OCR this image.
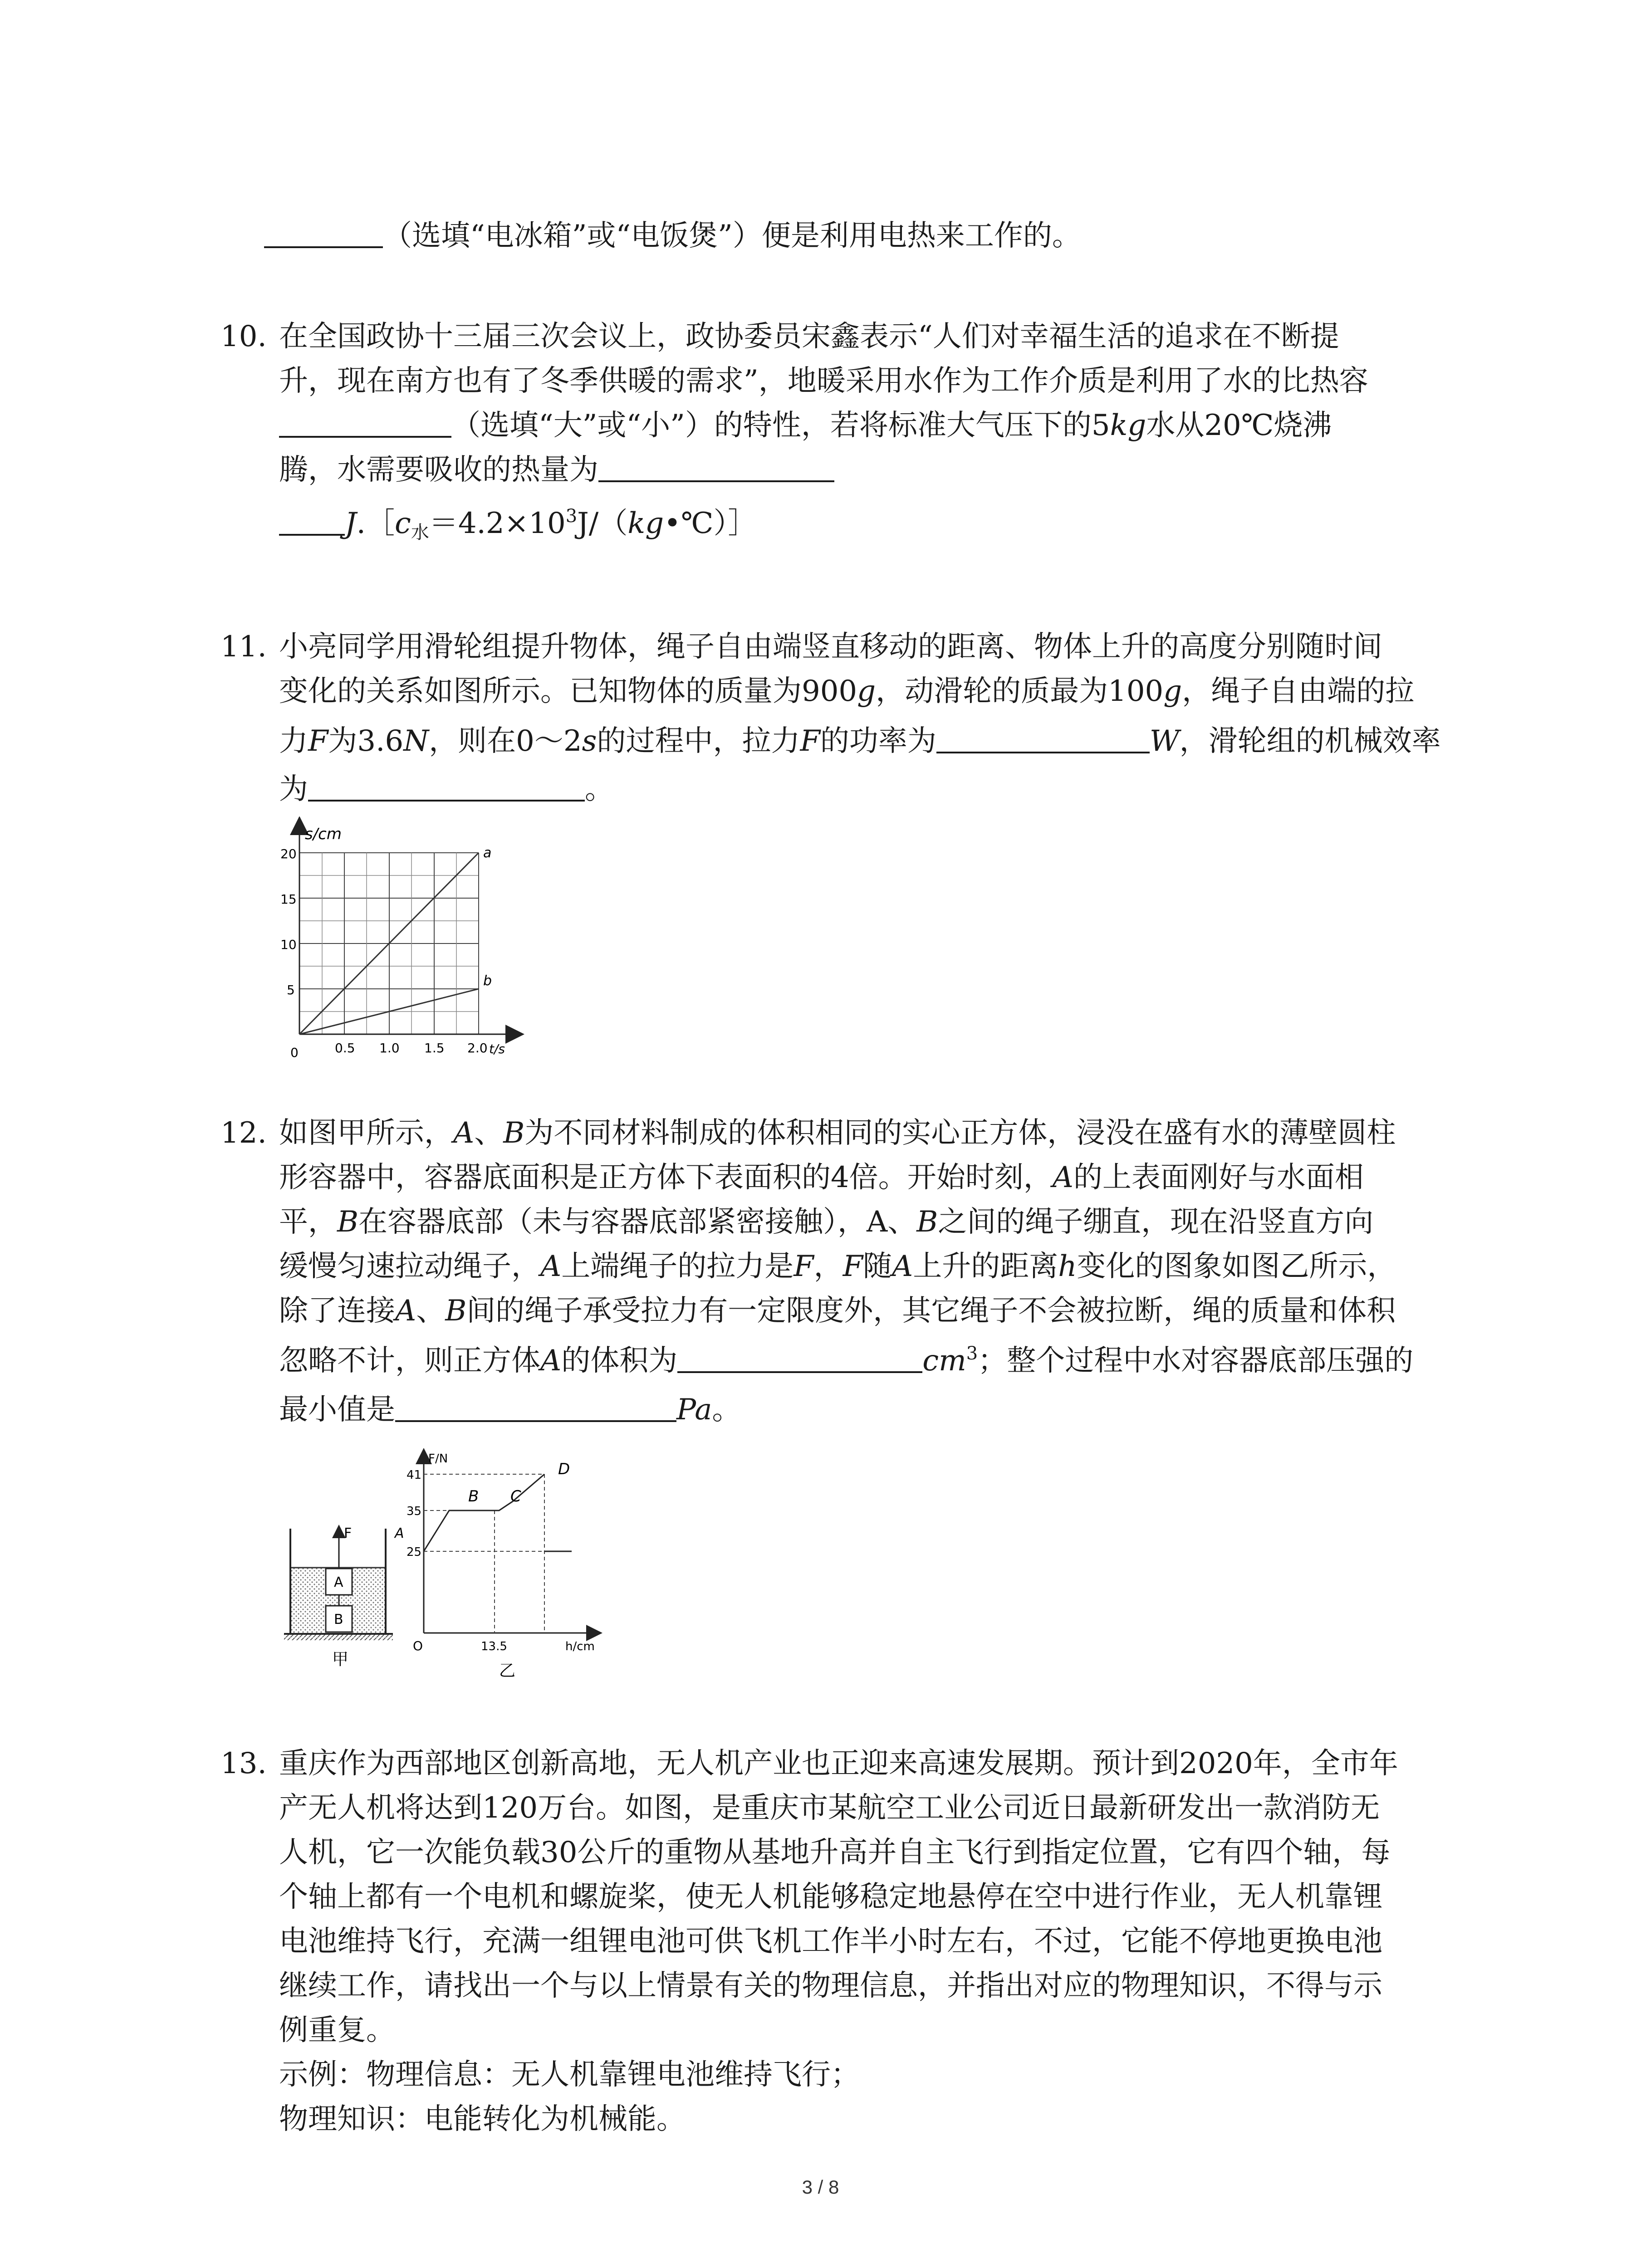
（选填“电冰箱”或“电饭煲”）便是利用电热来工作的。
10. 在全国政协十三届三次会议上，政协委员宋鑫表示“人们对幸福生活的追求在不断提
升，现在南方也有了冬季供暖的需求”，地暖采用水作为工作介质是利用了水的比热容
（选填“大”或“小”）的特性，若将标准大气压下的5kg水从20℃烧沸
腾，水需要吸收的热量为
$J.[c_水=4.2\times 10^3J/(kg•℃)]$
11. 小亮同学用滑轮组提升物体，绳子自由端竖直移动的距离、物体上升的高度分别随时间
变化的关系如图所示。已知物体的质量为900g，动滑轮的质最为100g，绳子自由端的拉
力F为3.6N，则在0～2s的过程中，拉力F的功率为	W，滑轮组的机械效率
为	。
s/cm
20
15
10
5
0	0.5 1.0 1.5 2.0 t/s
a
b
12. 如图甲所示，A、B为不同材料制成的体积相同的实心正方体，浸没在盛有水的薄壁圆柱
形容器中，容器底面积是正方体下表面积的4倍。开始时刻，A的上表面刚好与水面相
平，B在容器底部（未与容器底部紧密接触），A、B之间的绳子绷直，现在沿竖直方向
缓慢匀速拉动绳子，A上端绳子的拉力是F，F随A上升的距离h变化的图象如图乙所示，
除了连接A、B间的绳子承受拉力有一定限度外，其它绳子不会被拉断，绳的质量和体积
忽略不计，则正方体A的体积为	$cm^3$；整个过程中水对容器底部压强的
最小值是	Pa。
F
A
B
甲
A
F/N
41
35
25
O	13.5	h/cm
B C
D
乙
13. 重庆作为西部地区创新高地，无人机产业也正迎来高速发展期。预计到2020年，全市年
产无人机将达到120万台。如图，是重庆市某航空工业公司近日最新研发出一款消防无
人机，它一次能负载30公斤的重物从基地升高并自主飞行到指定位置，它有四个轴，每
个轴上都有一个电机和螺旋桨，使无人机能够稳定地悬停在空中进行作业，无人机靠锂
电池维持飞行，充满一组锂电池可供飞机工作半小时左右，不过，它能不停地更换电池
继续工作，请找出一个与以上情景有关的物理信息，并指出对应的物理知识，不得与示
例重复。
示例：物理信息：无人机靠锂电池维持飞行；
物理知识：电能转化为机械能。
3 / 8
